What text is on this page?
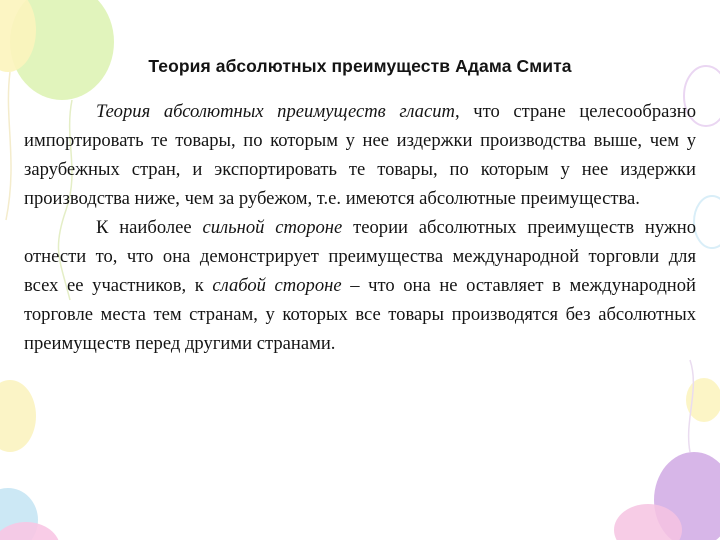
Теория абсолютных преимуществ Адама Смита

Теория абсолютных преимуществ гласит, что стране целесообразно импортировать те товары, по которым у нее издержки производства выше, чем у зарубежных стран, и экспортировать те товары, по которым у нее издержки производства ниже, чем за рубежом, т.е. имеются абсолютные преимущества.

К наиболее сильной стороне теории абсолютных преимуществ нужно отнести то, что она демонстрирует преимущества международной торговли для всех ее участников, к слабой стороне – что она не оставляет в международной торговле места тем странам, у которых все товары производятся без абсолютных преимуществ перед другими странами.
